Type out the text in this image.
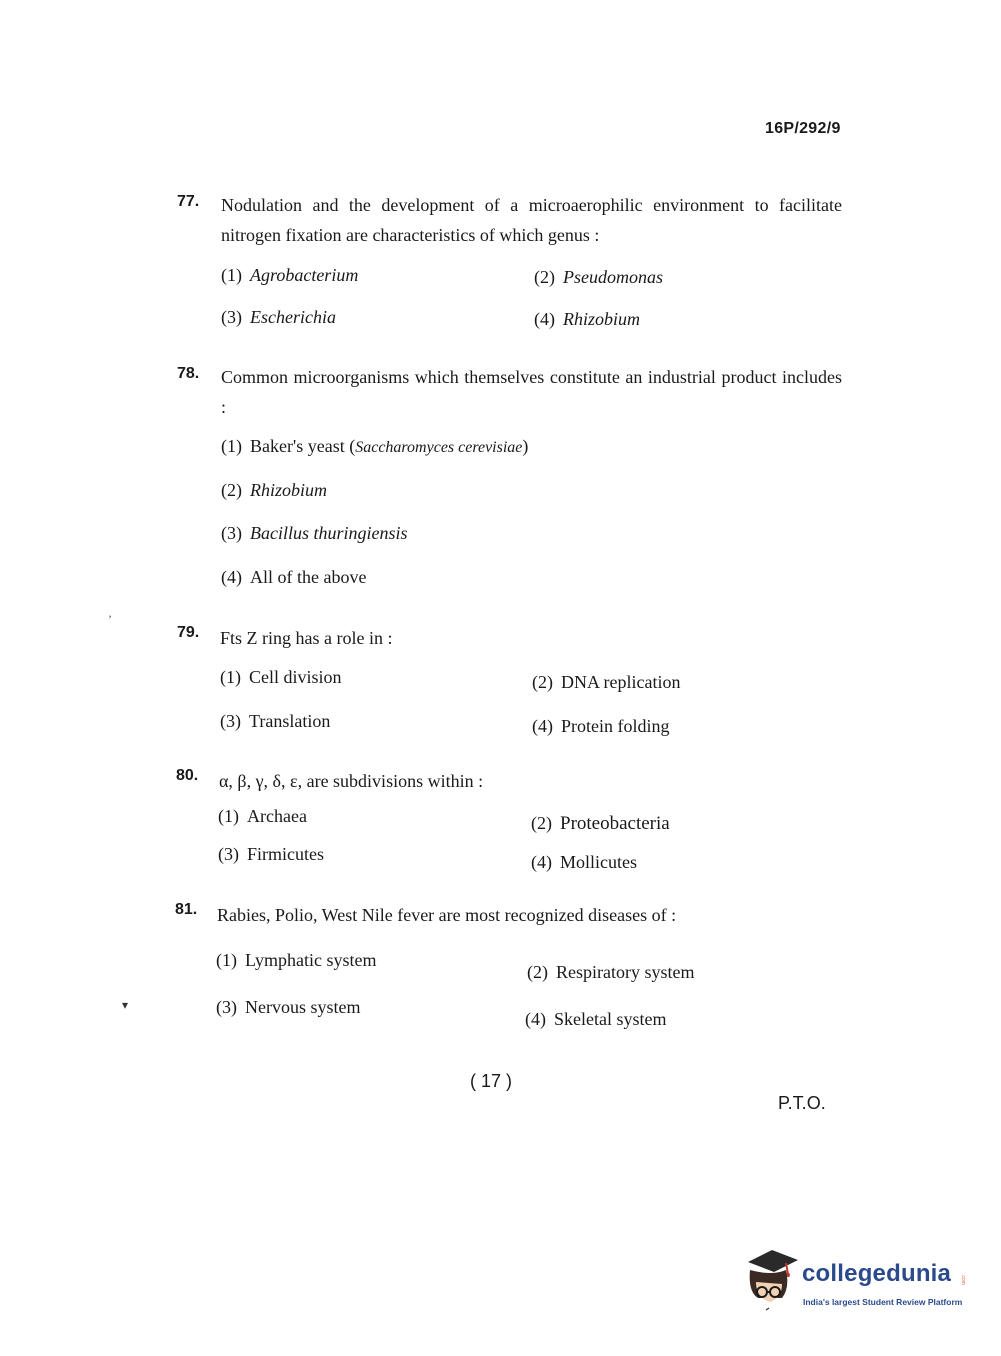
16P/292/9
77. Nodulation and the development of a microaerophilic environment to facilitate nitrogen fixation are characteristics of which genus :
(1) Agrobacterium	(2) Pseudomonas
(3) Escherichia	(4) Rhizobium
78. Common microorganisms which themselves constitute an industrial product includes :
(1) Baker's yeast (Saccharomyces cerevisiae)
(2) Rhizobium
(3) Bacillus thuringiensis
(4) All of the above
79. Fts Z ring has a role in :
(1) Cell division	(2) DNA replication
(3) Translation	(4) Protein folding
80. α, β, γ, δ, ε, are subdivisions within :
(1) Archaea	(2) Proteobacteria
(3) Firmicutes	(4) Mollicutes
81. Rabies, Polio, West Nile fever are most recognized diseases of :
(1) Lymphatic system
(2) Respiratory system
(3) Nervous system
(4) Skeletal system
( 17 )
P.T.O.
’
▾
collegedunia .com
India's largest Student Review Platform
